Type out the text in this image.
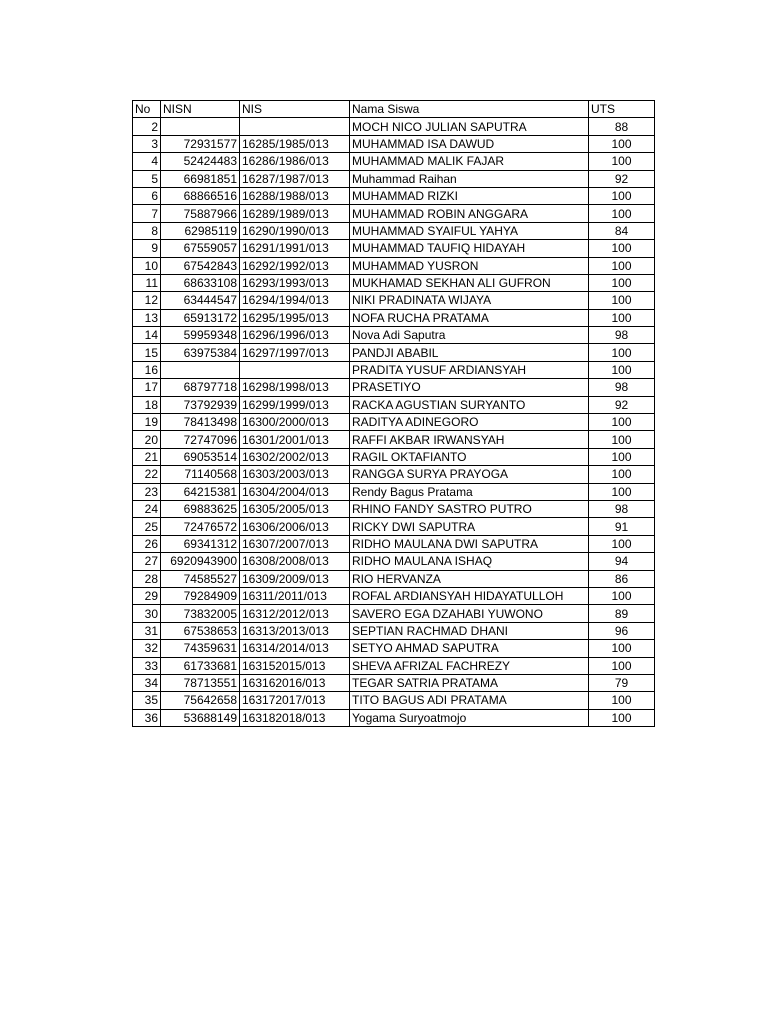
No	NISN	NIS	Nama Siswa	UTS
2			MOCH NICO JULIAN SAPUTRA	88
3	72931577	16285/1985/013	MUHAMMAD ISA DAWUD	100
4	52424483	16286/1986/013	MUHAMMAD MALIK FAJAR	100
5	66981851	16287/1987/013	Muhammad Raihan	92
6	68866516	16288/1988/013	MUHAMMAD RIZKI	100
7	75887966	16289/1989/013	MUHAMMAD ROBIN ANGGARA	100
8	62985119	16290/1990/013	MUHAMMAD SYAIFUL YAHYA	84
9	67559057	16291/1991/013	MUHAMMAD TAUFIQ HIDAYAH	100
10	67542843	16292/1992/013	MUHAMMAD YUSRON	100
11	68633108	16293/1993/013	MUKHAMAD SEKHAN ALI GUFRON	100
12	63444547	16294/1994/013	NIKI PRADINATA WIJAYA	100
13	65913172	16295/1995/013	NOFA RUCHA PRATAMA	100
14	59959348	16296/1996/013	Nova Adi Saputra	98
15	63975384	16297/1997/013	PANDJI ABABIL	100
16			PRADITA YUSUF ARDIANSYAH	100
17	68797718	16298/1998/013	PRASETIYO	98
18	73792939	16299/1999/013	RACKA AGUSTIAN SURYANTO	92
19	78413498	16300/2000/013	RADITYA ADINEGORO	100
20	72747096	16301/2001/013	RAFFI AKBAR IRWANSYAH	100
21	69053514	16302/2002/013	RAGIL OKTAFIANTO	100
22	71140568	16303/2003/013	RANGGA SURYA PRAYOGA	100
23	64215381	16304/2004/013	Rendy Bagus Pratama	100
24	69883625	16305/2005/013	RHINO FANDY SASTRO PUTRO	98
25	72476572	16306/2006/013	RICKY DWI SAPUTRA	91
26	69341312	16307/2007/013	RIDHO MAULANA DWI SAPUTRA	100
27	6920943900	16308/2008/013	RIDHO MAULANA ISHAQ	94
28	74585527	16309/2009/013	RIO HERVANZA	86
29	79284909	16311/2011/013	ROFAL ARDIANSYAH HIDAYATULLOH	100
30	73832005	16312/2012/013	SAVERO EGA DZAHABI YUWONO	89
31	67538653	16313/2013/013	SEPTIAN RACHMAD DHANI	96
32	74359631	16314/2014/013	SETYO AHMAD SAPUTRA	100
33	61733681	163152015/013	SHEVA AFRIZAL FACHREZY	100
34	78713551	163162016/013	TEGAR SATRIA PRATAMA	79
35	75642658	163172017/013	TITO BAGUS ADI PRATAMA	100
36	53688149	163182018/013	Yogama Suryoatmojo	100
